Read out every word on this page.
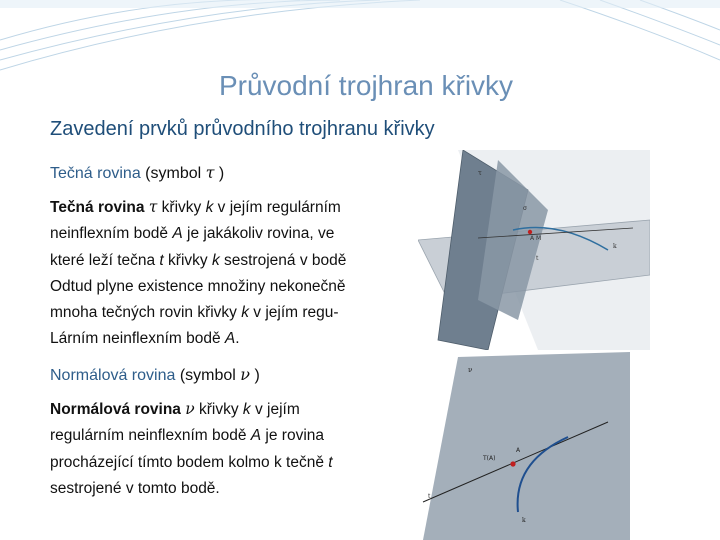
Průvodní trojhran křivky
Zavedení prvků průvodního trojhranu křivky
Tečná rovina (symbol τ )
Tečná rovina τ křivky k v jejím regulárním
neinflexním bodě A je jakákoliv rovina, ve
které leží tečna t křivky k sestrojená v bodě
Odtud plyne existence množiny nekonečně
mnoha tečných rovin křivky k v jejím regu-
Lárním neinflexním bodě A.
Normálová rovina (symbol ν )
Normálová rovina ν křivky k v jejím
regulárním neinflexním bodě A je rovina
procházející tímto bodem kolmo k tečně t
sestrojené v tomto bodě.
τ
σ
A M
k
t
ν
T(A)
A
t
k
